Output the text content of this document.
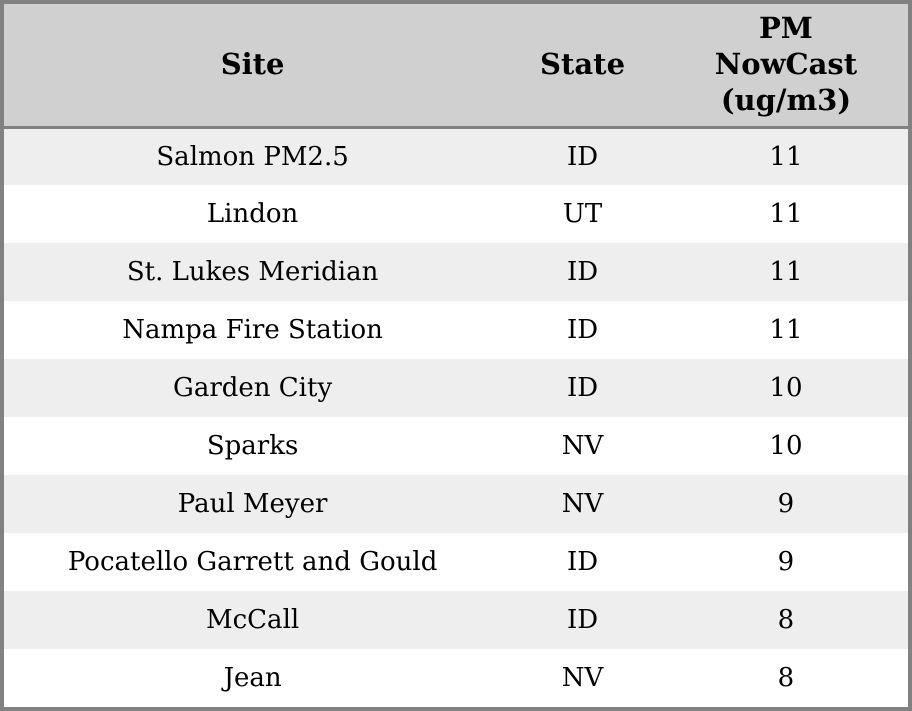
Site	State	PM
NowCast
(ug/m3)

Salmon PM2.5	ID	11
Lindon	UT	11
St. Lukes Meridian	ID	11
Nampa Fire Station	ID	11
Garden City	ID	10
Sparks	NV	10
Paul Meyer	NV	9
Pocatello Garrett and Gould	ID	9
McCall	ID	8
Jean	NV	8
